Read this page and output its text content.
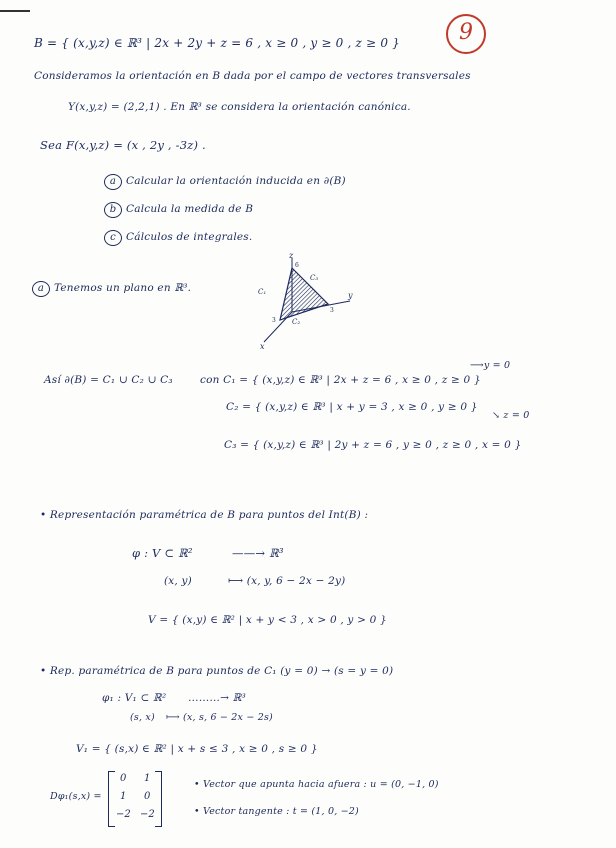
9
B = { (x,y,z) ∈ ℝ³ | 2x + 2y + z = 6 , x ≥ 0 , y ≥ 0 , z ≥ 0 }
Consideramos la orientación en B dada por el campo de vectores transversales
Y(x,y,z) = (2,2,1) . En ℝ³ se considera la orientación canónica.
Sea F(x,y,z) = (x , 2y , -3z) .
a Calcular la orientación inducida en ∂(B)
b Calcula la medida de B
c Cálculos de integrales.
a Tenemos un plano en ℝ³.
z
y
x
C₁
C₃
C₂
6
3
3
Así ∂(B) = C₁ ∪ C₂ ∪ C₃	con C₁ = { (x,y,z) ∈ ℝ³ | 2x + z = 6 , x ≥ 0 , z ≥ 0 }
⟶y = 0
C₂ = { (x,y,z) ∈ ℝ³ | x + y = 3 , x ≥ 0 , y ≥ 0 }
↘ z = 0
C₃ = { (x,y,z) ∈ ℝ³ | 2y + z = 6 , y ≥ 0 , z ≥ 0 , x = 0 }
• Representación paramétrica de B para puntos del Int(B) :
φ : V ⊂ ℝ²	——→ ℝ³
(x, y)	⟼ (x, y, 6 − 2x − 2y)
V = { (x,y) ∈ ℝ² | x + y < 3 , x > 0 , y > 0 }
• Rep. paramétrica de B para puntos de C₁ (y = 0) → (s = y = 0)
φ₁ : V₁ ⊂ ℝ² ………→ ℝ³
(s, x) ⟼ (x, s, 6 − 2x − 2s)
V₁ = { (s,x) ∈ ℝ² | x + s ≤ 3 , x ≥ 0 , s ≥ 0 }
Dφ₁(s,x) =
0 1
1 0
−2 −2
• Vector que apunta hacia afuera : u = (0, −1, 0)
• Vector tangente : t = (1, 0, −2)
